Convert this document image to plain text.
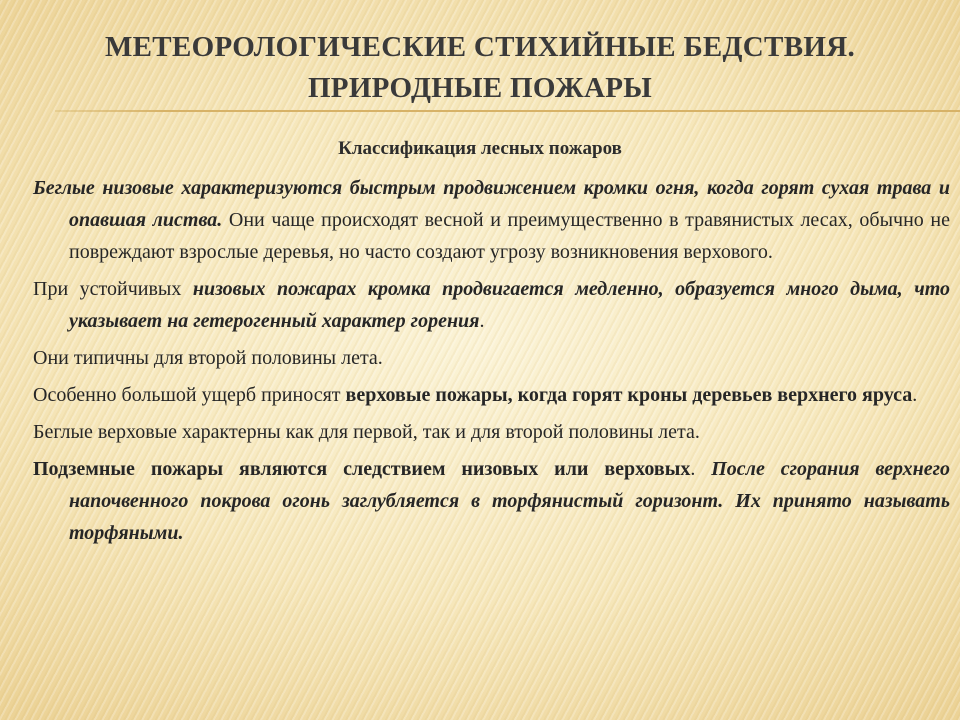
МЕТЕОРОЛОГИЧЕСКИЕ СТИХИЙНЫЕ БЕДСТВИЯ.
ПРИРОДНЫЕ ПОЖАРЫ

Классификация лесных пожаров

Беглые низовые характеризуются быстрым продвижением кромки огня, когда горят сухая трава и опавшая листва. Они чаще происходят весной и преимущественно в травянистых лесах, обычно не повреждают взрослые деревья, но часто создают угрозу возникновения верхового.

При устойчивых низовых пожарах кромка продвигается медленно, образуется много дыма, что указывает на гетерогенный характер горения.

Они типичны для второй половины лета.

Особенно большой ущерб приносят верховые пожары, когда горят кроны деревьев верхнего яруса.

Беглые верховые характерны как для первой, так и для второй половины лета.

Подземные пожары являются следствием низовых или верховых. После сгорания верхнего напочвенного покрова огонь заглубляется в торфянистый горизонт. Их принято называть торфяными.
